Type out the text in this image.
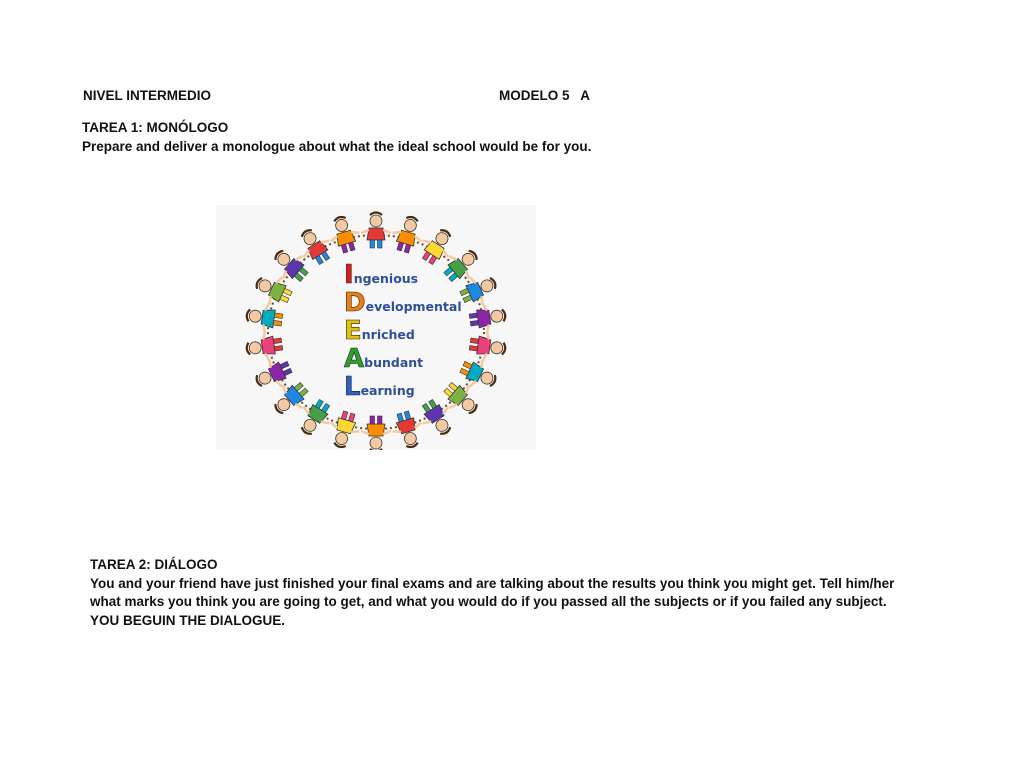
NIVEL INTERMEDIO	MODELO 5   A
TAREA 1: MONÓLOGO
Prepare and deliver a monologue about what the ideal school would be for you.
Ingenious
Developmental
Enriched
Abundant
Learning
TAREA 2: DIÁLOGO
You and your friend have just finished your final exams and are talking about the results you think you might get. Tell him/her
what marks you think you are going to get, and what you would do if you passed all the subjects or if you failed any subject.
YOU BEGUIN THE DIALOGUE.
